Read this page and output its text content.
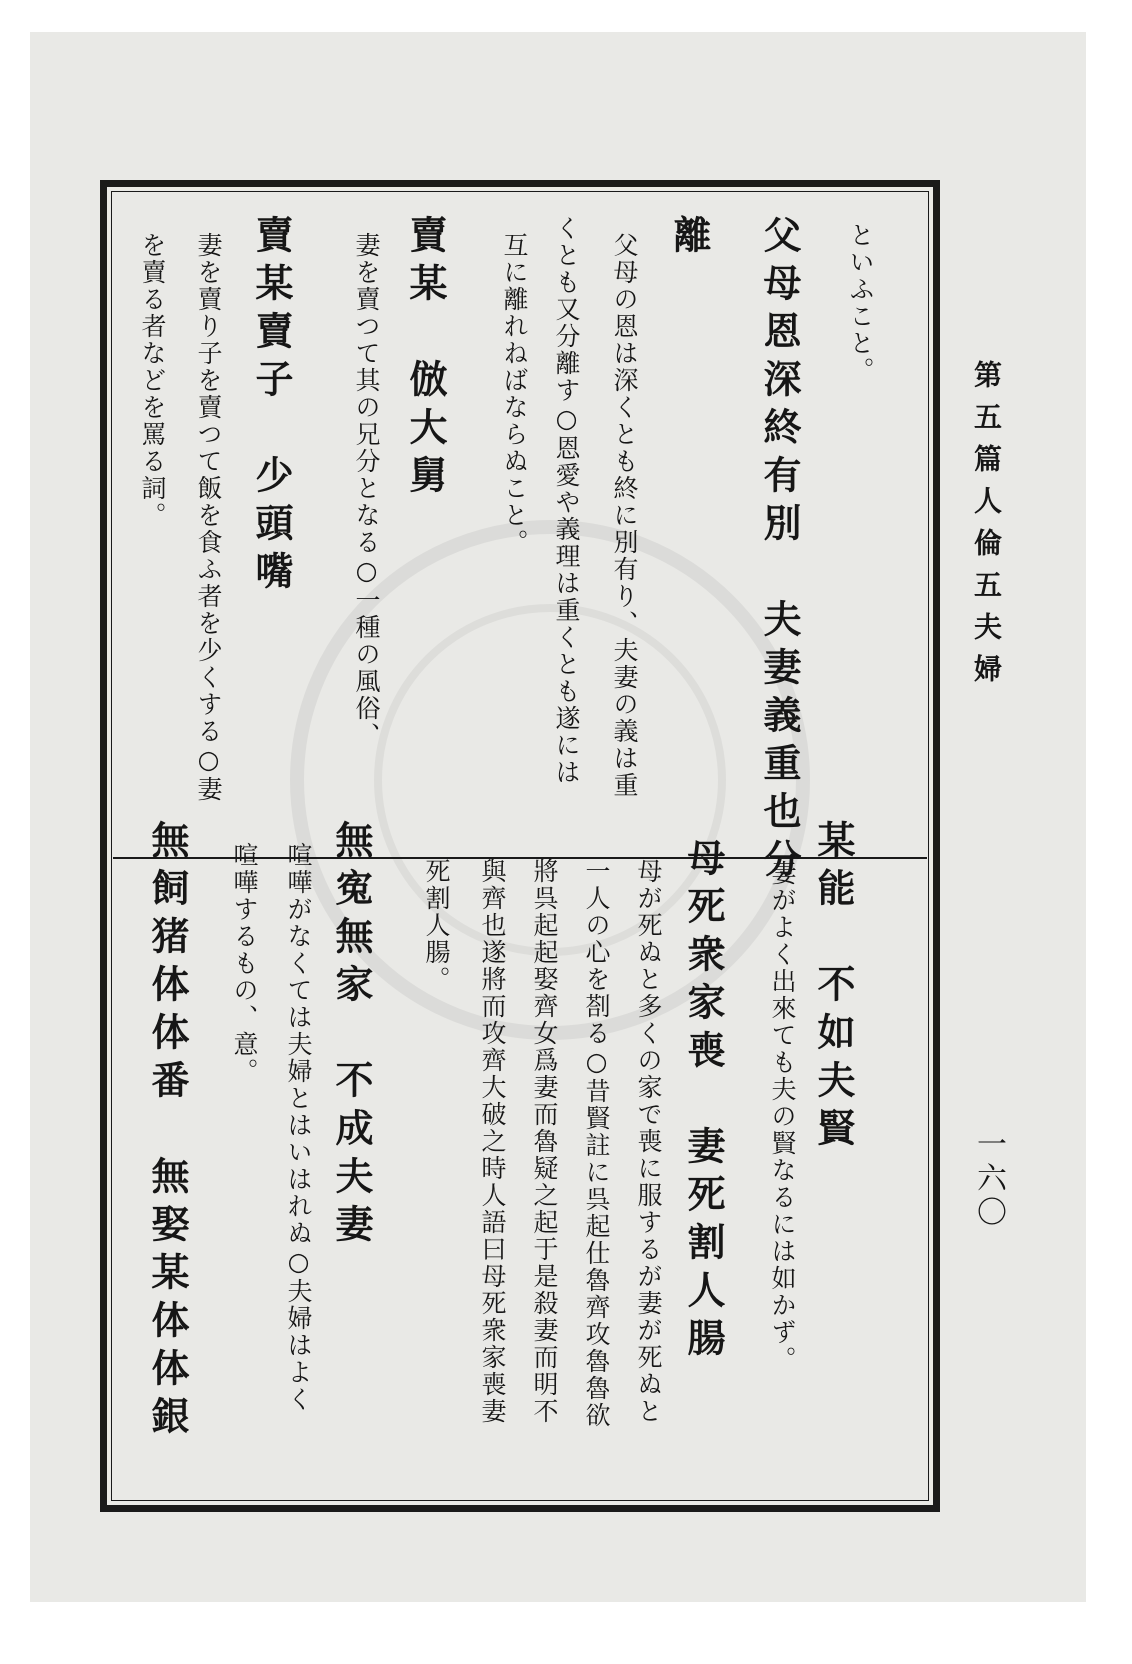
第五篇人倫五夫婦
一六〇
といふこと。
父母恩深終有別　夫妻義重也分
離
父母の恩は深くとも終に別有り、夫妻の義は重
くとも又分離す○恩愛や義理は重くとも遂には
互に離れねばならぬこと。
賣某　倣大舅
妻を賣つて其の兄分となる○一種の風俗、
賣某賣子　少頭嘴
妻を賣り子を賣つて飯を食ふ者を少くする○妻
を賣る者などを罵る詞。
某能　不如夫賢
妻がよく出來ても夫の賢なるには如かず。
母死衆家喪　妻死割人腸
母が死ぬと多くの家で喪に服するが妻が死ぬと
一人の心を剳る○昔賢註に呉起仕魯齊攻魯魯欲
將呉起起娶齊女爲妻而魯疑之起于是殺妻而明不
與齊也遂將而攻齊大破之時人語曰母死衆家喪妻
死割人腸。
無寃無家　不成夫妻
喧嘩がなくては夫婦とはいはれぬ○夫婦はよく
喧嘩するもの、意。
無飼猪体体番　無娶某体体銀
